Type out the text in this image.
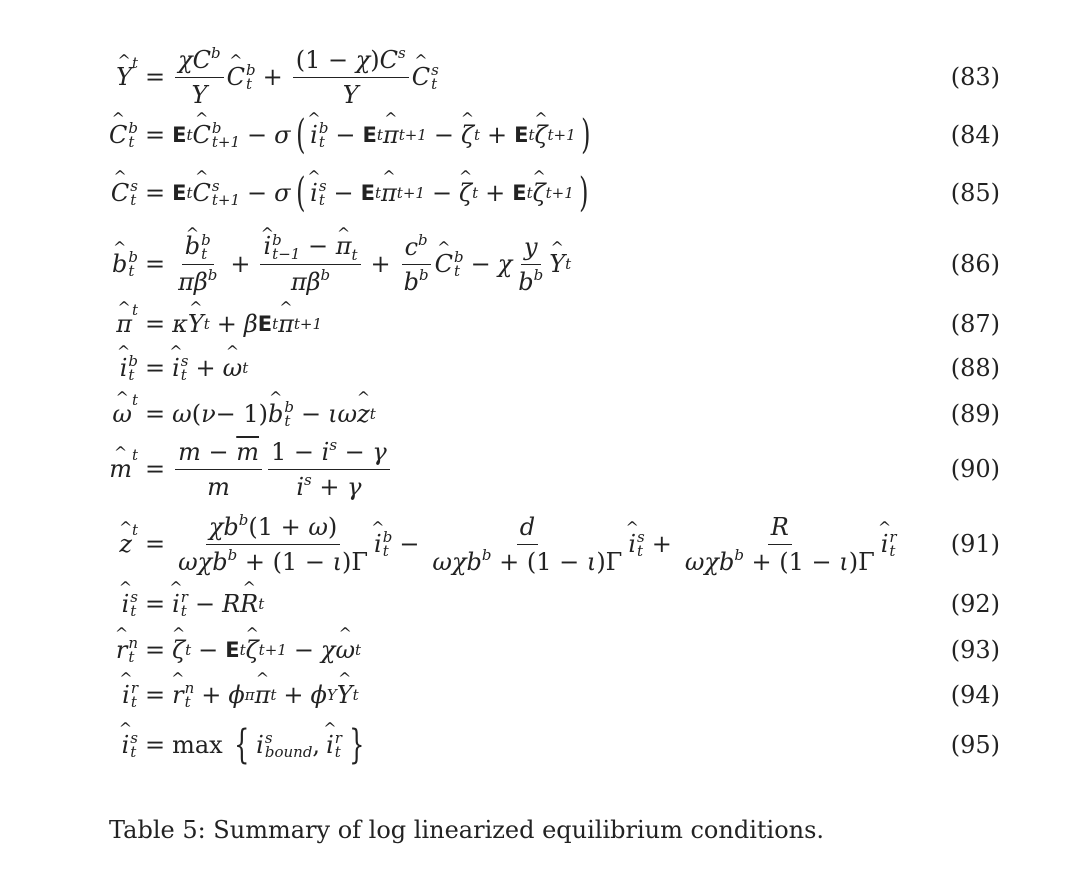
Y ^ $t = \frac{\chi C^b}{Y}$ C ^ b
$t + \frac{(1 - \chi)C^s}{Y}$ C ^ s
t	(83)
C ^ b
t = E t C ^ b
t+1 − σ ( i ^ b
t − E t π ^ t+1 − ζ ^ t + E t ζ ^ t+1 )	(84)
C ^ s
t = E t C ^ s
t+1 − σ ( i ^ s
t − E t π ^ t+1 − ζ ^ t + E t ζ ^ t+1 )	(85)
b ^ b
t = b ^ b
t
$\pi\beta^b + i$ ^ b
t−1 − π $\^{}_t$
$\pi\beta^b + \frac{c^b}{b^b}$ C ^ b
t − χ $\frac{y}{b^b}$ Y ^ t	(86)
π ^ t = κ Y ^ t + β E t π ^ t+1	(87)
i ^ b
t = i ^ s
t + ω ^ t	(88)
ω ^ t = ω ( ν − 1) b ^ b
t − ιω z ^ t	(89)
m ^ $t = \frac{m - \overline{m}}{m} \frac{1 - i^s - \gamma}{i^s + \gamma}$	(90)
z ^ $t = \frac{\chi b^b(1 + \omega)}{\omega\chi b^b + (1 - \iota)\Gamma}$ i ^ b
$t - \frac{d}{\omega\chi b^b + (1 - \iota)\Gamma}$ i ^ s
$t + \frac{R}{\omega\chi b^b + (1 - \iota)\Gamma}$ i ^ r
t (91)
i ^ s
t = i ^ r
t − R R ^ t	(92)
r ^ n
t = ζ ^ t − E t ζ ^ t+1 − χ ω ^ t	(93)
i ^ r
t = r ^ n
t + ϕ π π ^ t + ϕ Y Y ^ t	(94)
i ^ s
t = max { i s
bound , i ^ r
t }	(95)
Table 5: Summary of log linearized equilibrium conditions.
